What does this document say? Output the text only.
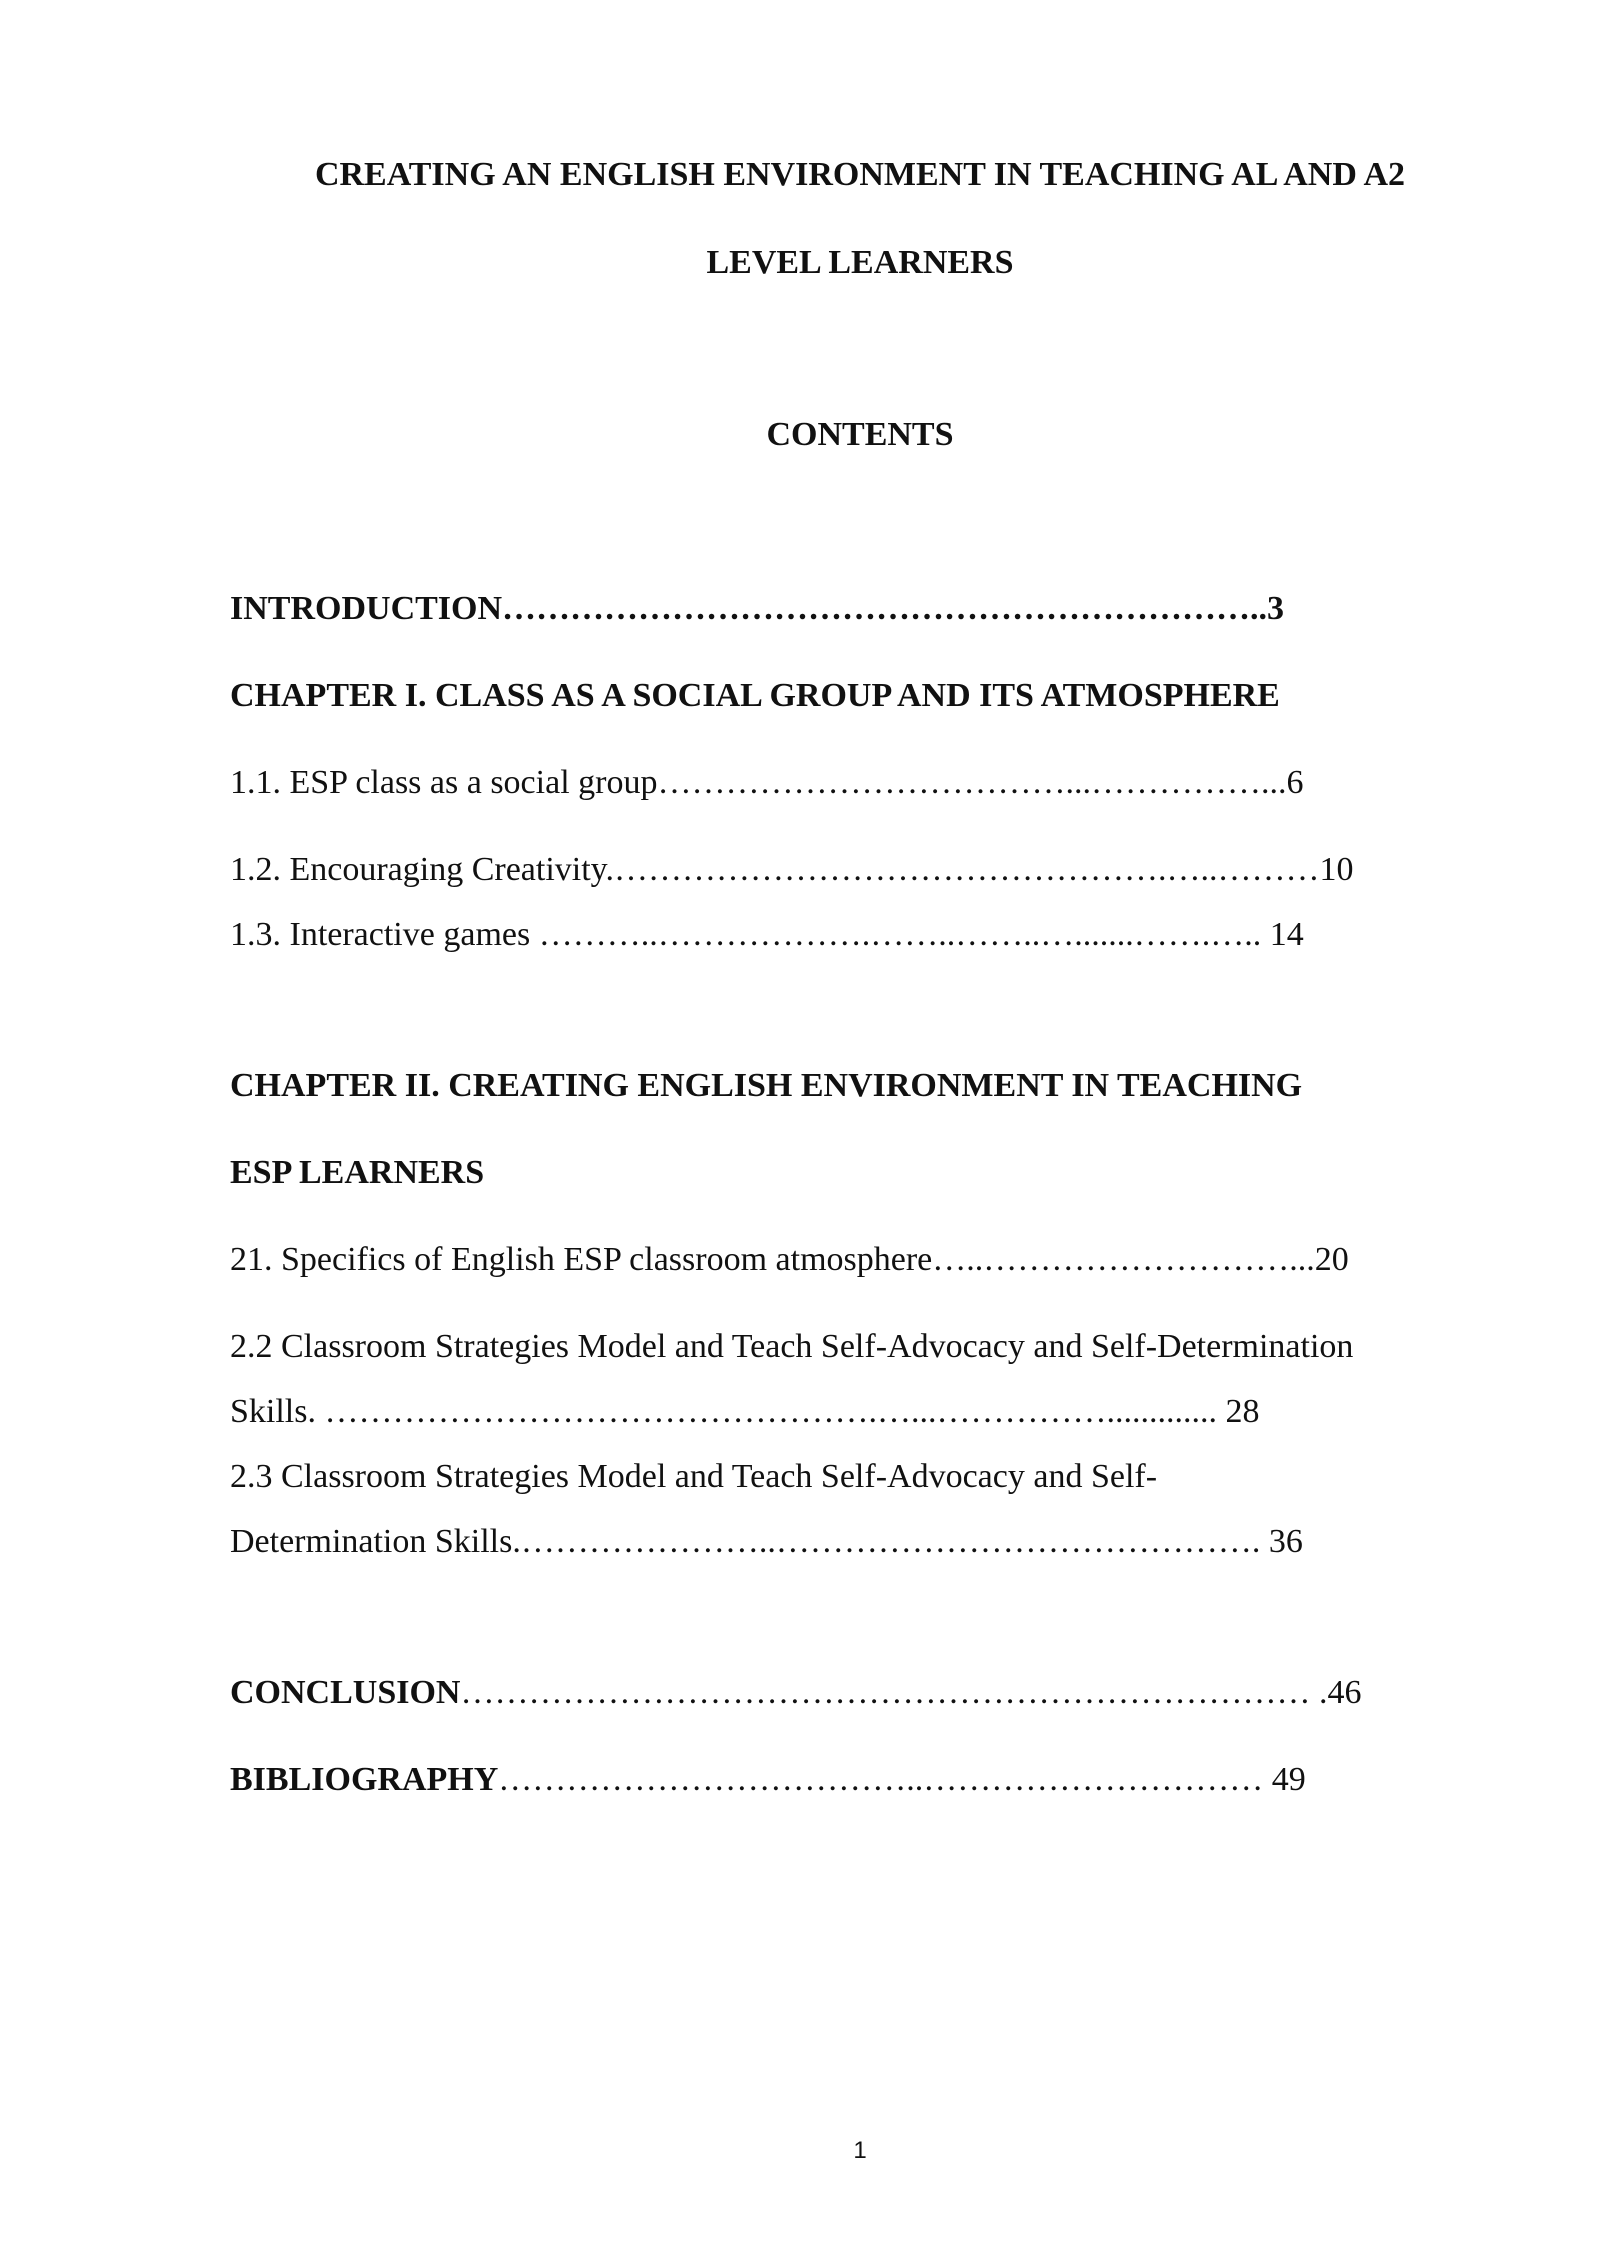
CREATING AN ENGLISH ENVIRONMENT IN TEACHING AL AND A2
LEVEL LEARNERS
CONTENTS
INTRODUCTION…………………………………………………………..3
CHAPTER I. CLASS AS A SOCIAL GROUP AND ITS ATMOSPHERE
1.1. ESP class as a social group………………………………...……………...6
1.2. Encouraging Creativity.………………………………………….…..………10
1.3. Interactive games ………..……………….……..……..….......…….….. 14
CHAPTER II. CREATING ENGLISH ENVIRONMENT IN TEACHING
ESP LEARNERS
21. Specifics of English ESP classroom atmosphere…..………………………...20
2.2 Classroom Strategies Model and Teach Self-Advocacy and Self-Determination
Skills. ………………………………………….…...……………............. 28
2.3 Classroom Strategies Model and Teach Self-Advocacy and Self-
Determination Skills.…………………..……………………………………. 36
CONCLUSION………………………………………………………………… .46
BIBLIOGRAPHY………………………………..………………………… 49
1
